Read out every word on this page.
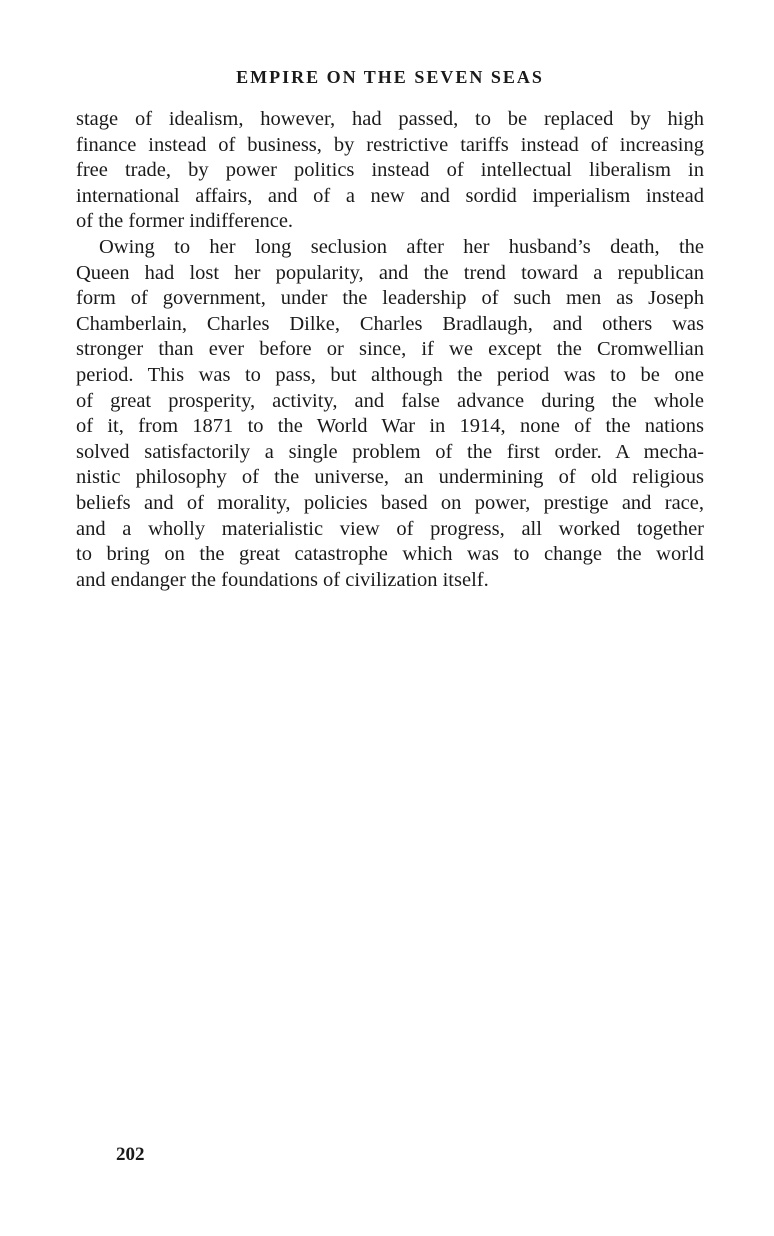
EMPIRE ON THE SEVEN SEAS
stage of idealism, however, had passed, to be replaced by high
finance instead of business, by restrictive tariffs instead of increasing
free trade, by power politics instead of intellectual liberalism in
international affairs, and of a new and sordid imperialism instead
of the former indifference.
Owing to her long seclusion after her husband’s death, the
Queen had lost her popularity, and the trend toward a republican
form of government, under the leadership of such men as Joseph
Chamberlain, Charles Dilke, Charles Bradlaugh, and others was
stronger than ever before or since, if we except the Cromwellian
period. This was to pass, but although the period was to be one
of great prosperity, activity, and false advance during the whole
of it, from 1871 to the World War in 1914, none of the nations
solved satisfactorily a single problem of the first order. A mecha-
nistic philosophy of the universe, an undermining of old religious
beliefs and of morality, policies based on power, prestige and race,
and a wholly materialistic view of progress, all worked together
to bring on the great catastrophe which was to change the world
and endanger the foundations of civilization itself.
202
